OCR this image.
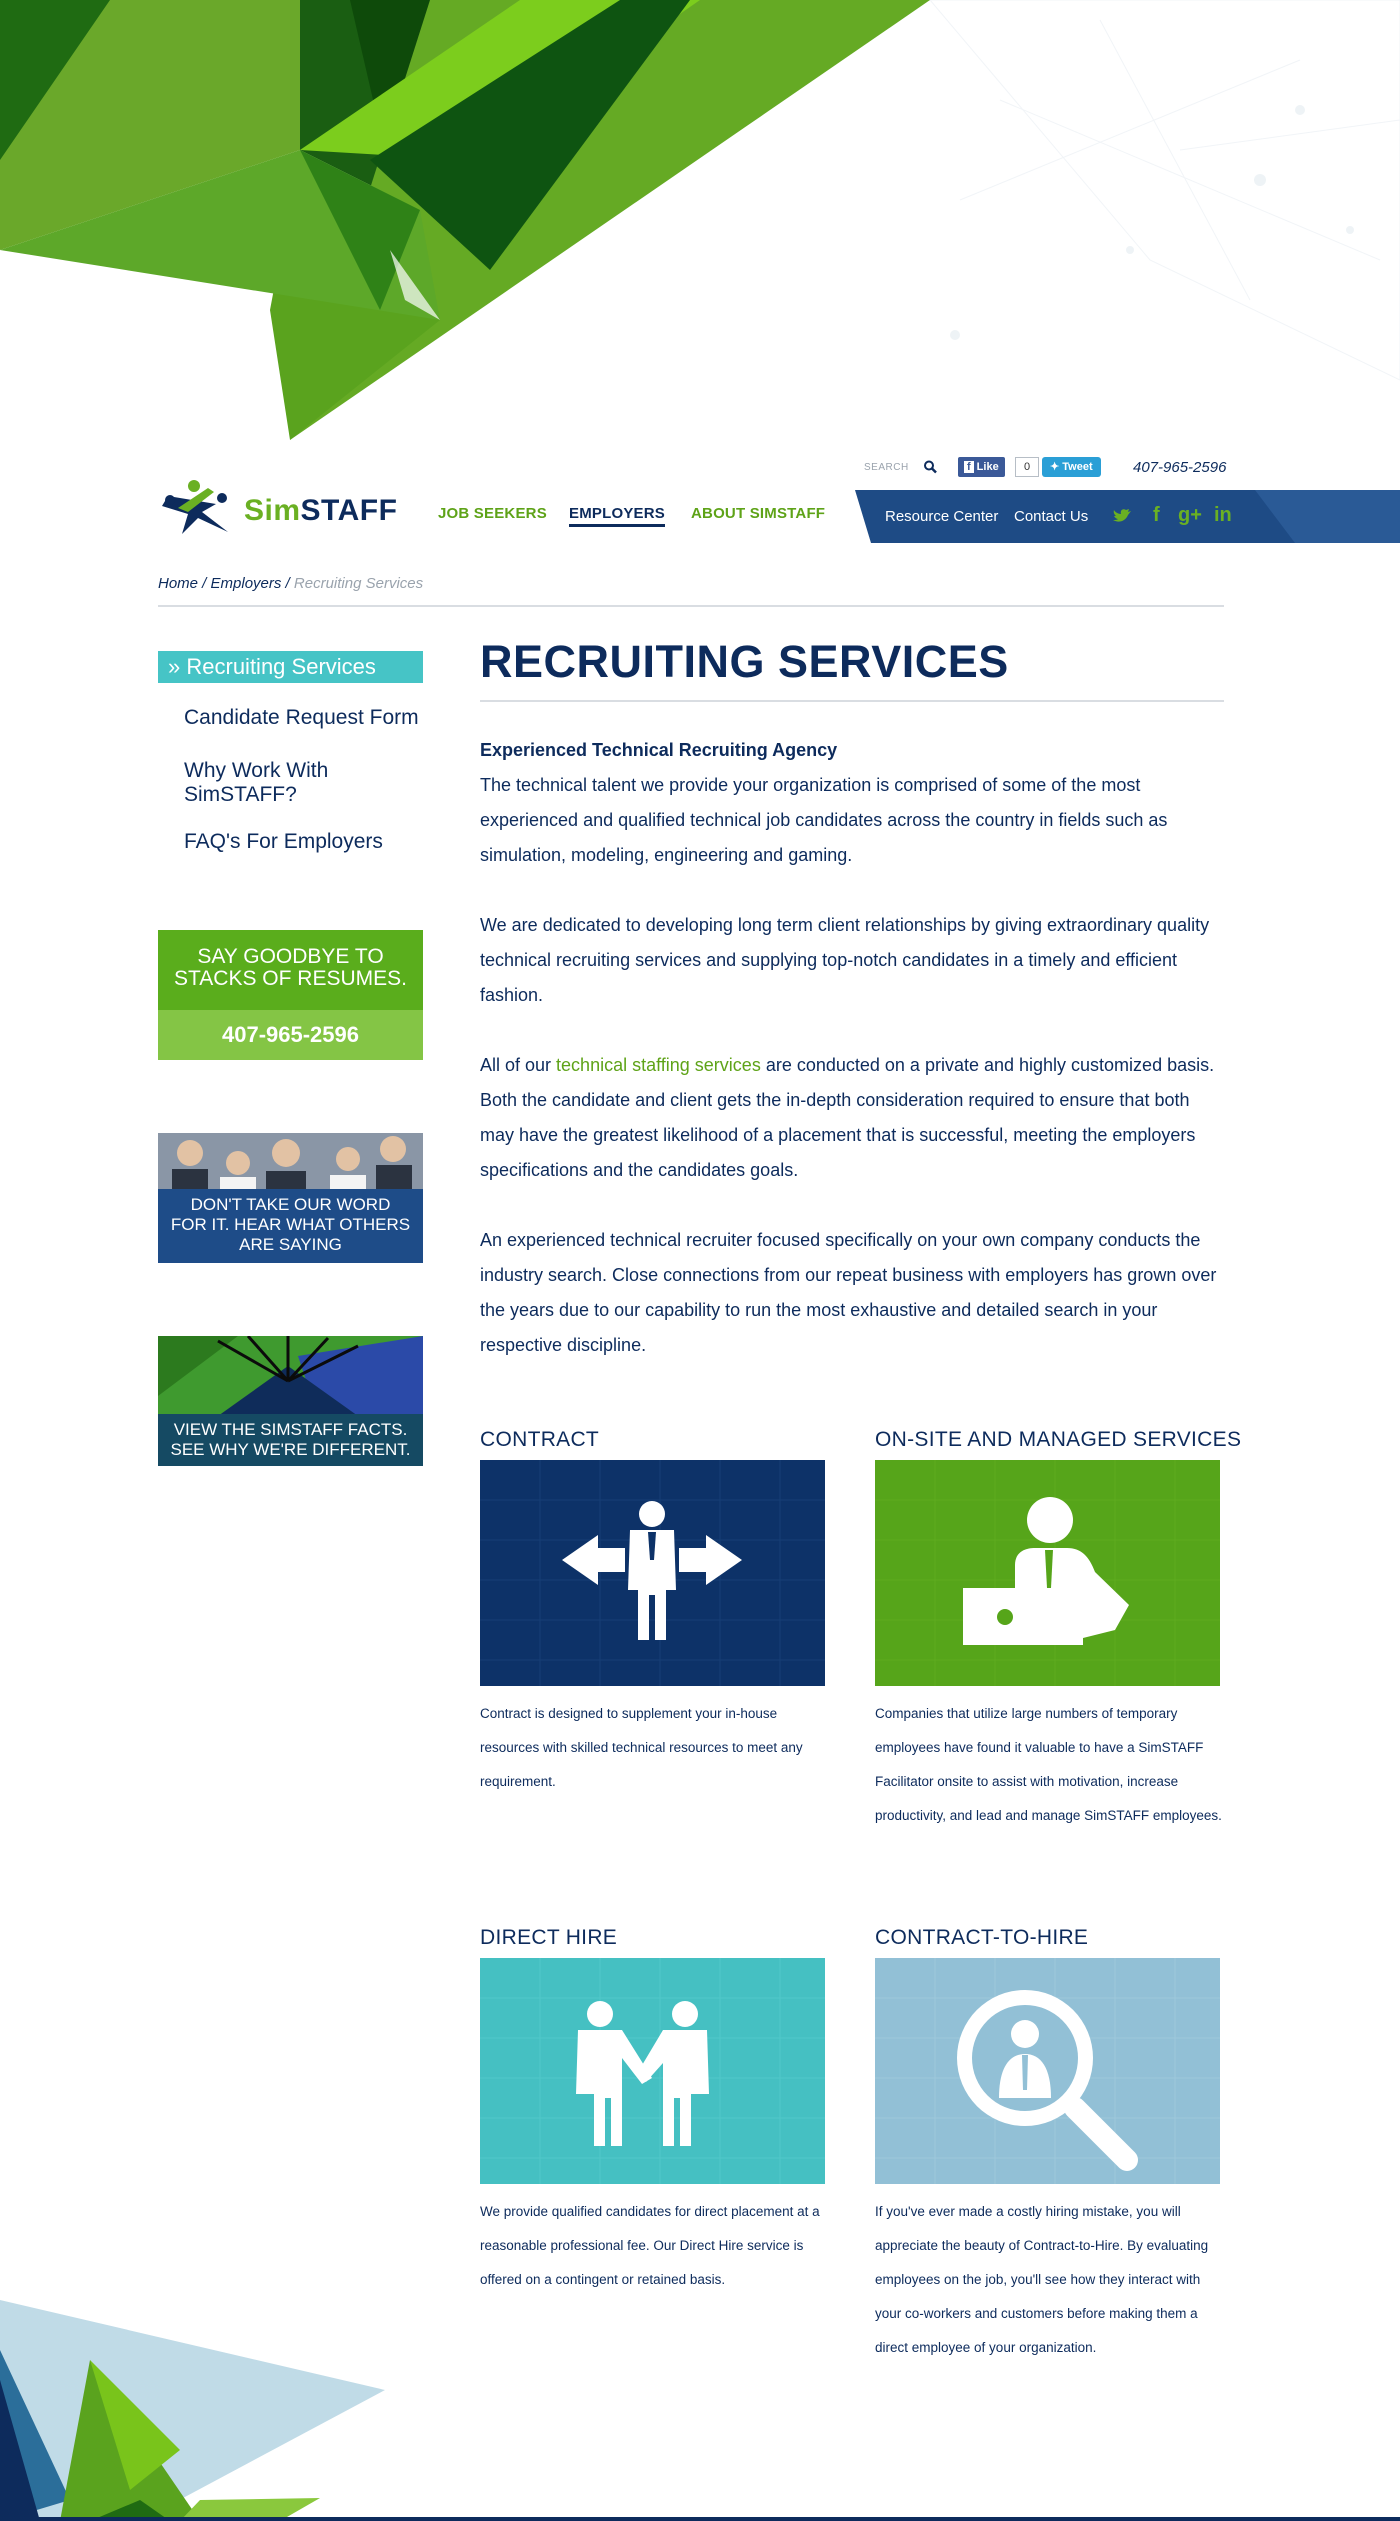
SEARCH	f Like	0	✦ Tweet	407-965-2596
SimSTAFF	JOB SEEKERS EMPLOYERS ABOUT SIMSTAFF	Resource Center Contact Us	f g+ in
Home / Employers / Recruiting Services
» Recruiting Services
Candidate Request Form
Why Work With SimSTAFF?
FAQ's For Employers
SAY GOODBYE TO
STACKS OF RESUMES.
407-965-2596
DON'T TAKE OUR WORD
FOR IT. HEAR WHAT OTHERS
ARE SAYING
VIEW THE SIMSTAFF FACTS.
SEE WHY WE'RE DIFFERENT.
RECRUITING SERVICES
Experienced Technical Recruiting Agency
The technical talent we provide your organization is comprised of some of the most experienced and qualified technical job candidates across the country in fields such as simulation, modeling, engineering and gaming.
We are dedicated to developing long term client relationships by giving extraordinary quality technical recruiting services and supplying top-notch candidates in a timely and efficient fashion.
All of our technical staffing services are conducted on a private and highly customized basis. Both the candidate and client gets the in-depth consideration required to ensure that both may have the greatest likelihood of a placement that is successful, meeting the employers specifications and the candidates goals.
An experienced technical recruiter focused specifically on your own company conducts the industry search. Close connections from our repeat business with employers has grown over the years due to our capability to run the most exhaustive and detailed search in your respective discipline.
CONTRACT
Contract is designed to supplement your in-house resources with skilled technical resources to meet any requirement.
ON-SITE AND MANAGED SERVICES
Companies that utilize large numbers of temporary employees have found it valuable to have a SimSTAFF Facilitator onsite to assist with motivation, increase productivity, and lead and manage SimSTAFF employees.
DIRECT HIRE
We provide qualified candidates for direct placement at a reasonable professional fee. Our Direct Hire service is offered on a contingent or retained basis.
CONTRACT-TO-HIRE
If you've ever made a costly hiring mistake, you will appreciate the beauty of Contract-to-Hire. By evaluating employees on the job, you'll see how they interact with your co-workers and customers before making them a direct employee of your organization.
